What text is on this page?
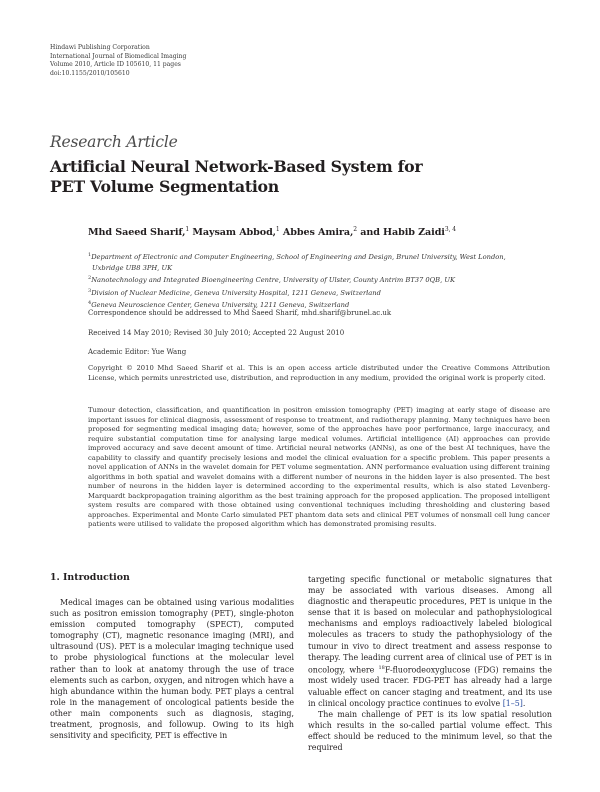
Hindawi Publishing Corporation
International Journal of Biomedical Imaging
Volume 2010, Article ID 105610, 11 pages
doi:10.1155/2010/105610
Research Article
Artificial Neural Network-Based System for
PET Volume Segmentation
Mhd Saeed Sharif,$^1$ Maysam Abbod,$^1$ Abbes Amira,$^2$ and Habib Zaidi$^{3, 4}$
$^1$Department of Electronic and Computer Engineering, School of Engineering and Design, Brunel University, West London,
Uxbridge UB8 3PH, UK
$^2$Nanotechnology and Integrated Bioengineering Centre, University of Ulster, County Antrim BT37 0QB, UK
$^3$Division of Nuclear Medicine, Geneva University Hospital, 1211 Geneva, Switzerland
$^4$Geneva Neuroscience Center, Geneva University, 1211 Geneva, Switzerland
Correspondence should be addressed to Mhd Saeed Sharif, mhd.sharif@brunel.ac.uk
Received 14 May 2010; Revised 30 July 2010; Accepted 22 August 2010
Academic Editor: Yue Wang
Copyright © 2010 Mhd Saeed Sharif et al. This is an open access article distributed under the Creative Commons Attribution License, which permits unrestricted use, distribution, and reproduction in any medium, provided the original work is properly cited.
Tumour detection, classification, and quantification in positron emission tomography (PET) imaging at early stage of disease are important issues for clinical diagnosis, assessment of response to treatment, and radiotherapy planning. Many techniques have been proposed for segmenting medical imaging data; however, some of the approaches have poor performance, large inaccuracy, and require substantial computation time for analysing large medical volumes. Artificial intelligence (AI) approaches can provide improved accuracy and save decent amount of time. Artificial neural networks (ANNs), as one of the best AI techniques, have the capability to classify and quantify precisely lesions and model the clinical evaluation for a specific problem. This paper presents a novel application of ANNs in the wavelet domain for PET volume segmentation. ANN performance evaluation using different training algorithms in both spatial and wavelet domains with a different number of neurons in the hidden layer is also presented. The best number of neurons in the hidden layer is determined according to the experimental results, which is also stated Levenberg-Marquardt backpropagation training algorithm as the best training approach for the proposed application. The proposed intelligent system results are compared with those obtained using conventional techniques including thresholding and clustering based approaches. Experimental and Monte Carlo simulated PET phantom data sets and clinical PET volumes of nonsmall cell lung cancer patients were utilised to validate the proposed algorithm which has demonstrated promising results.
1. Introduction

Medical images can be obtained using various modalities such as positron emission tomography (PET), single-photon emission computed tomography (SPECT), computed tomography (CT), magnetic resonance imaging (MRI), and ultrasound (US). PET is a molecular imaging technique used to probe physiological functions at the molecular level rather than to look at anatomy through the use of trace elements such as carbon, oxygen, and nitrogen which have a high abundance within the human body. PET plays a central role in the management of oncological patients beside the other main components such as diagnosis, staging, treatment, prognosis, and followup. Owing to its high sensitivity and specificity, PET is effective in

targeting specific functional or metabolic signatures that may be associated with various diseases. Among all diagnostic and therapeutic procedures, PET is unique in the sense that it is based on molecular and pathophysiological mechanisms and employs radioactively labeled biological molecules as tracers to study the pathophysiology of the tumour in vivo to direct treatment and assess response to therapy. The leading current area of clinical use of PET is in oncology, where $^{18}$F-fluorodeoxyglucose (FDG) remains the most widely used tracer. FDG-PET has already had a large valuable effect on cancer staging and treatment, and its use in clinical oncology practice continues to evolve [1–5].

The main challenge of PET is its low spatial resolution which results in the so-called partial volume effect. This effect should be reduced to the minimum level, so that the required
